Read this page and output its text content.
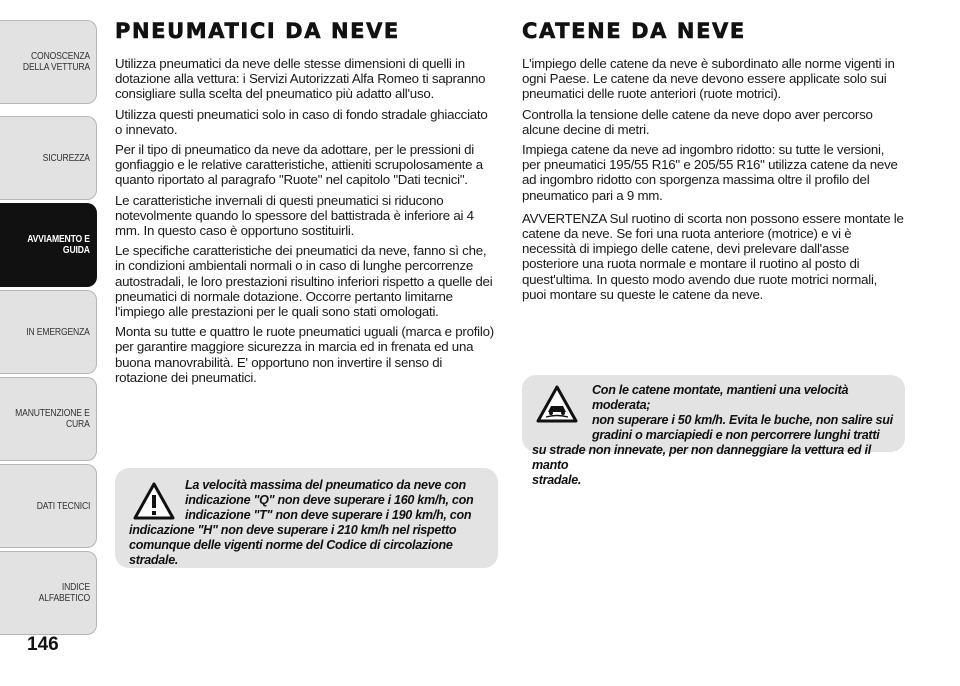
CONOSCENZA
DELLA VETTURA
SICUREZZA
AVVIAMENTO E
GUIDA
IN EMERGENZA
MANUTENZIONE E
CURA
DATI TECNICI
INDICE ALFABETICO
146
PNEUMATICI DA NEVE

Utilizza pneumatici da neve delle stesse dimensioni di quelli in dotazione alla vettura: i Servizi Autorizzati Alfa Romeo ti sapranno consigliare sulla scelta del pneumatico più adatto all'uso.

Utilizza questi pneumatici solo in caso di fondo stradale ghiacciato o innevato.

Per il tipo di pneumatico da neve da adottare, per le pressioni di gonfiaggio e le relative caratteristiche, attieniti scrupolosamente a quanto riportato al paragrafo "Ruote" nel capitolo "Dati tecnici".

Le caratteristiche invernali di questi pneumatici si riducono notevolmente quando lo spessore del battistrada è inferiore ai 4 mm. In questo caso è opportuno sostituirli.

Le specifiche caratteristiche dei pneumatici da neve, fanno sì che, in condizioni ambientali normali o in caso di lunghe percorrenze autostradali, le loro prestazioni risultino inferiori rispetto a quelle dei pneumatici di normale dotazione. Occorre pertanto limitarne l'impiego alle prestazioni per le quali sono stati omologati.

Monta su tutte e quattro le ruote pneumatici uguali (marca e profilo) per garantire maggiore sicurezza in marcia ed in frenata ed una buona manovrabilità. E' opportuno non invertire il senso di rotazione dei pneumatici.

La velocità massima del pneumatico da neve con

indicazione "Q" non deve superare i 160 km/h, con

indicazione "T" non deve superare i 190 km/h, con

indicazione "H" non deve superare i 210 km/h nel rispetto

comunque delle vigenti norme del Codice di circolazione stradale.

CATENE DA NEVE

L'impiego delle catene da neve è subordinato alle norme vigenti in ogni Paese. Le catene da neve devono essere applicate solo sui pneumatici delle ruote anteriori (ruote motrici).

Controlla la tensione delle catene da neve dopo aver percorso alcune decine di metri.

Impiega catene da neve ad ingombro ridotto: su tutte le versioni, per pneumatici 195/55 R16" e 205/55 R16" utilizza catene da neve ad ingombro ridotto con sporgenza massima oltre il profilo del pneumatico pari a 9 mm.

AVVERTENZA Sul ruotino di scorta non possono essere montate le catene da neve. Se fori una ruota anteriore (motrice) e vi è necessità di impiego delle catene, devi prelevare dall'asse posteriore una ruota normale e montare il ruotino al posto di quest'ultima. In questo modo avendo due ruote motrici normali, puoi montare su queste le catene da neve.

Con le catene montate, mantieni una velocità moderata;

non superare i 50 km/h. Evita le buche, non salire sui

gradini o marciapiedi e non percorrere lunghi tratti

su strade non innevate, per non danneggiare la vettura ed il manto

stradale.
